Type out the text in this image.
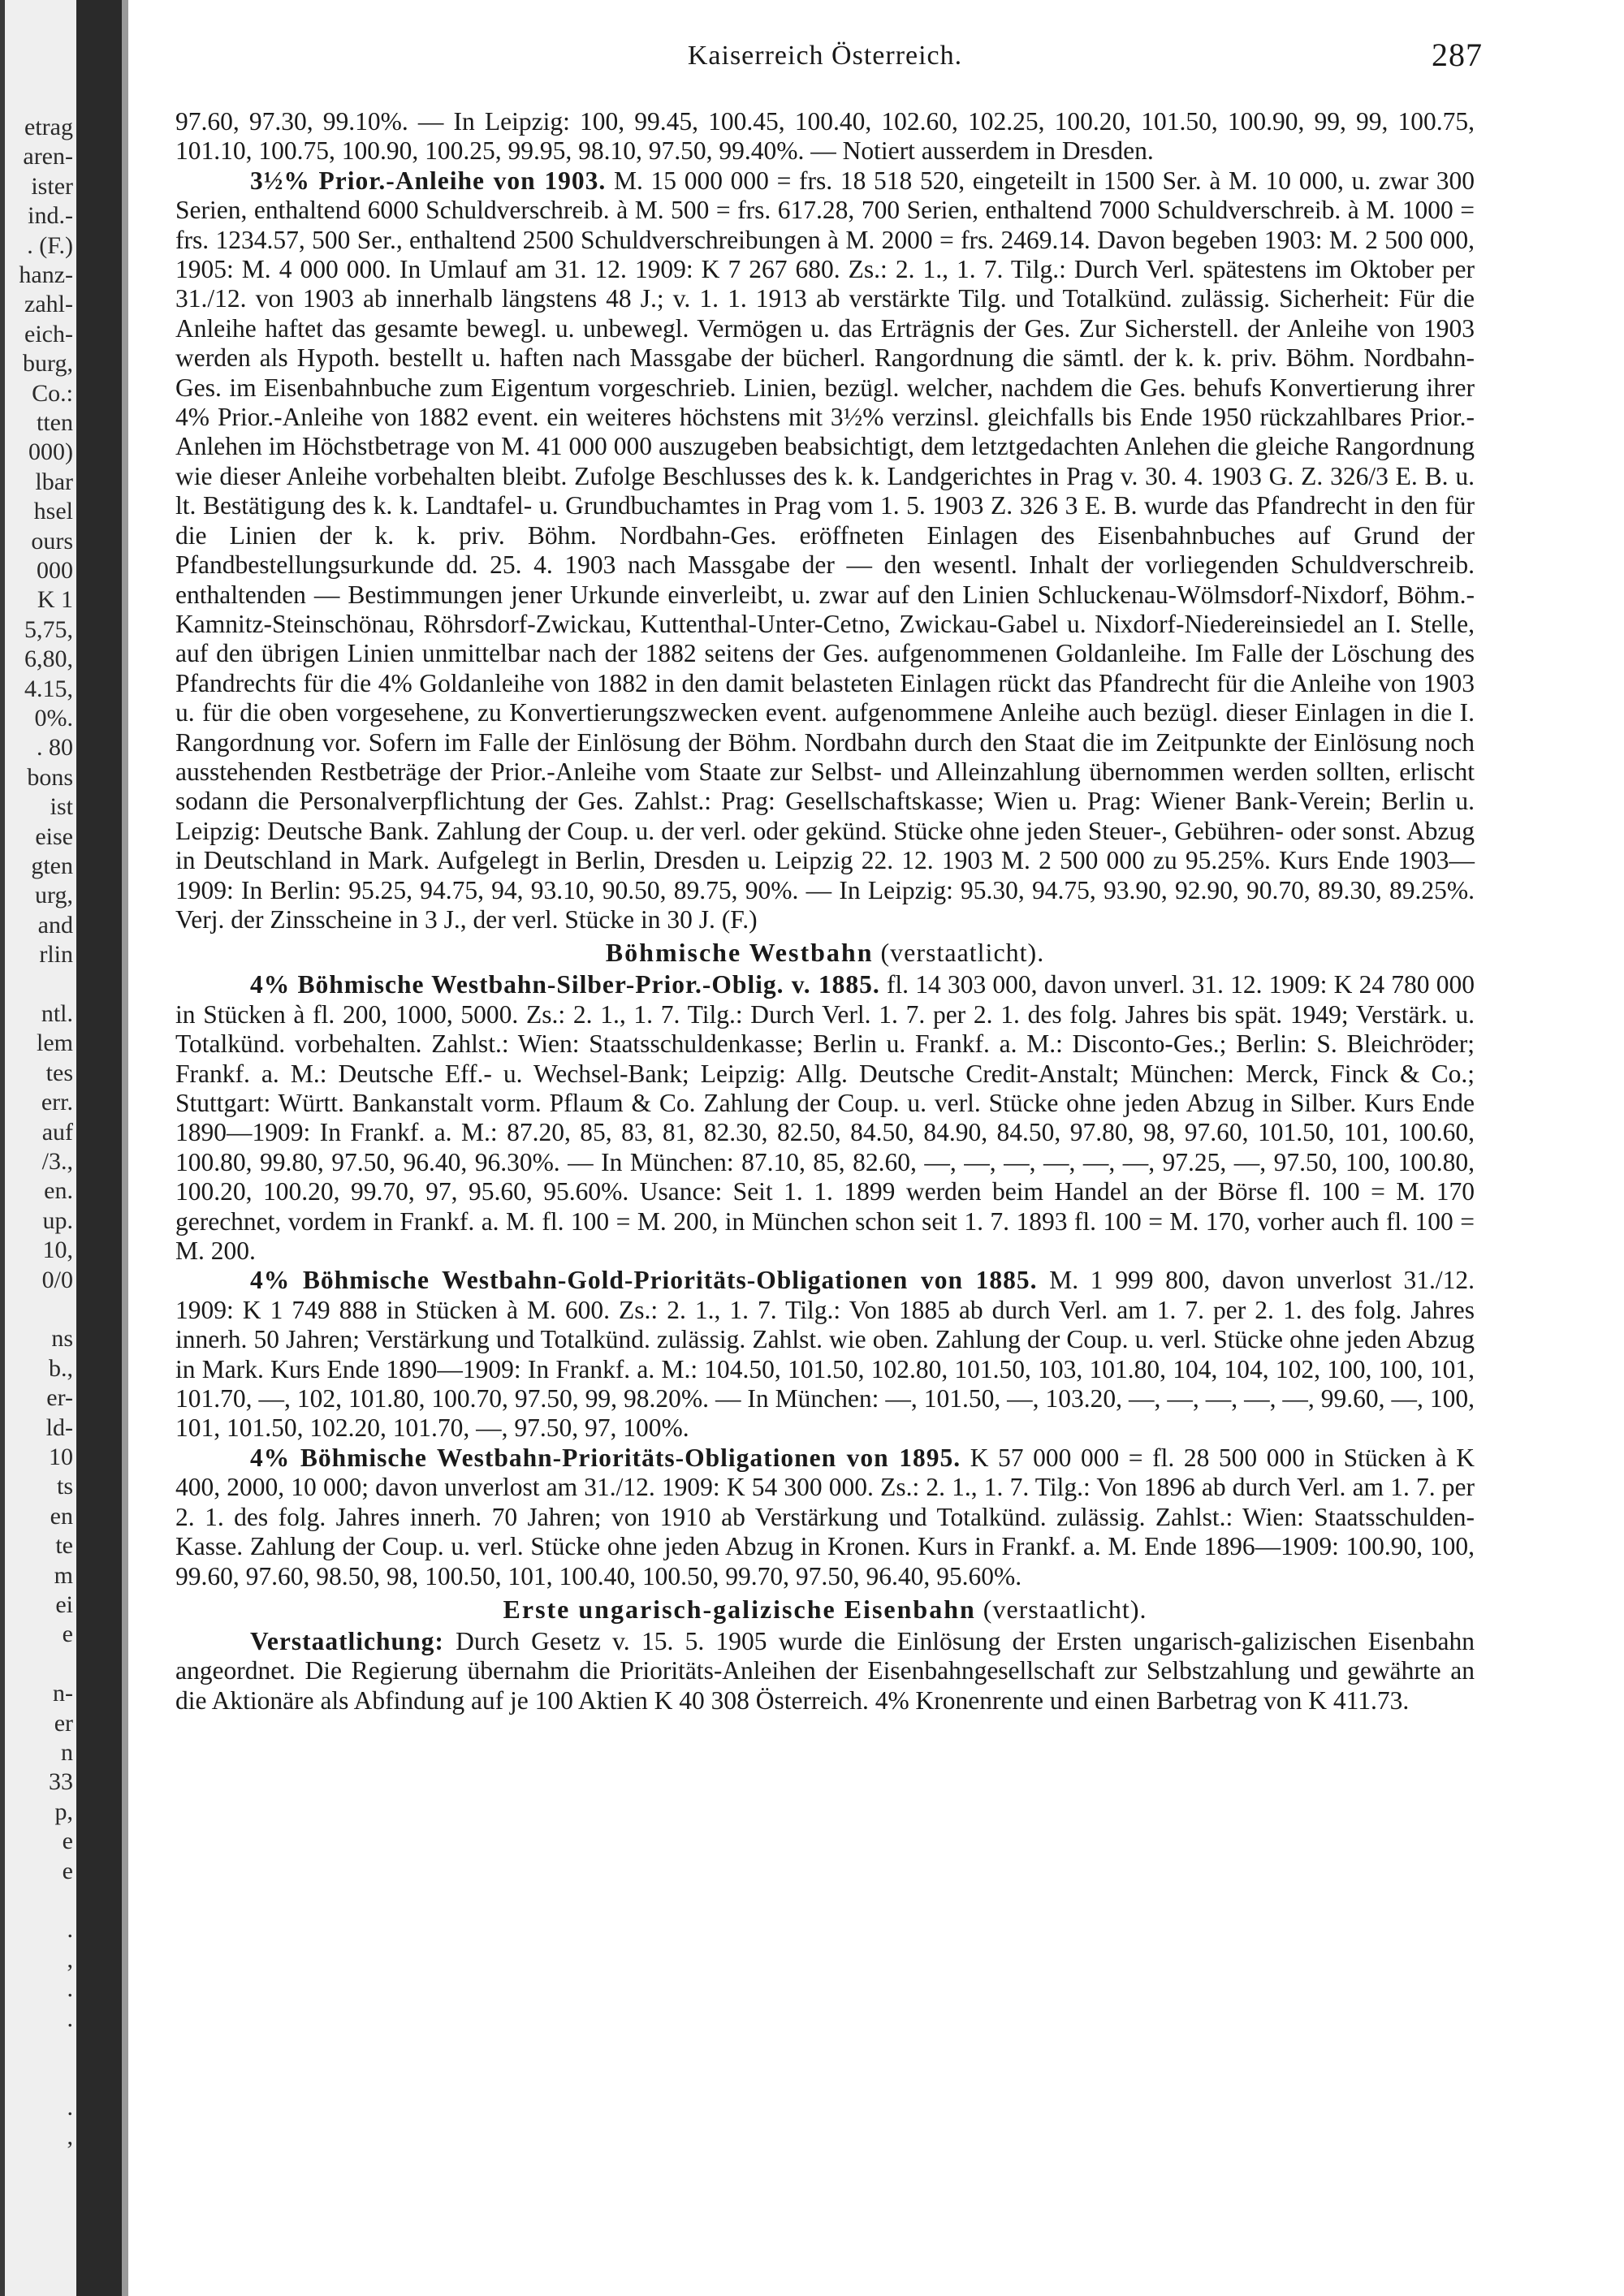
etrag
aren-
ister
ind.-
. (F.)
hanz-
zahl-
eich-
burg,
Co.:
tten
000)
lbar
hsel
ours
000
K 1
5,75,
6,80,
4.15,
0%.
. 80
bons
ist
eise
gten
urg,
and
rlin
ntl.
lem
tes
err.
auf
/3.,
en.
up.
10,
0/0
ns
b.,
er-
ld-
10
ts
en
te
m
ei
e
n-
er
n
33
p,
e
e
.
,
.
.
.
,
Kaiserreich Österreich.	287

97.60, 97.30, 99.10%. — In Leipzig: 100, 99.45, 100.45, 100.40, 102.60, 102.25, 100.20, 101.50, 100.90, 99, 99, 100.75, 101.10, 100.75, 100.90, 100.25, 99.95, 98.10, 97.50, 99.40%. — Notiert ausserdem in Dresden.

3½% Prior.-Anleihe von 1903. M. 15 000 000 = frs. 18 518 520, eingeteilt in 1500 Ser. à M. 10 000, u. zwar 300 Serien, enthaltend 6000 Schuldverschreib. à M. 500 = frs. 617.28, 700 Serien, enthaltend 7000 Schuldverschreib. à M. 1000 = frs. 1234.57, 500 Ser., enthaltend 2500 Schuldverschreibungen à M. 2000 = frs. 2469.14. Davon begeben 1903: M. 2 500 000, 1905: M. 4 000 000. In Umlauf am 31. 12. 1909: K 7 267 680. Zs.: 2. 1., 1. 7. Tilg.: Durch Verl. spätestens im Oktober per 31./12. von 1903 ab innerhalb längstens 48 J.; v. 1. 1. 1913 ab verstärkte Tilg. und Totalkünd. zulässig. Sicherheit: Für die Anleihe haftet das gesamte bewegl. u. unbewegl. Vermögen u. das Erträgnis der Ges. Zur Sicherstell. der Anleihe von 1903 werden als Hypoth. bestellt u. haften nach Massgabe der bücherl. Rangordnung die sämtl. der k. k. priv. Böhm. Nordbahn-Ges. im Eisenbahnbuche zum Eigentum vorgeschrieb. Linien, bezügl. welcher, nachdem die Ges. behufs Konvertierung ihrer 4% Prior.-Anleihe von 1882 event. ein weiteres höchstens mit 3½% verzinsl. gleichfalls bis Ende 1950 rückzahlbares Prior.-Anlehen im Höchstbetrage von M. 41 000 000 auszugeben beabsichtigt, dem letztgedachten Anlehen die gleiche Rangordnung wie dieser Anleihe vorbehalten bleibt. Zufolge Beschlusses des k. k. Landgerichtes in Prag v. 30. 4. 1903 G. Z. 326/3 E. B. u. lt. Bestätigung des k. k. Landtafel- u. Grundbuchamtes in Prag vom 1. 5. 1903 Z. 326 3 E. B. wurde das Pfandrecht in den für die Linien der k. k. priv. Böhm. Nordbahn-Ges. eröffneten Einlagen des Eisenbahnbuches auf Grund der Pfandbestellungsurkunde dd. 25. 4. 1903 nach Massgabe der — den wesentl. Inhalt der vorliegenden Schuldverschreib. enthaltenden — Bestimmungen jener Urkunde einverleibt, u. zwar auf den Linien Schluckenau-Wölmsdorf-Nixdorf, Böhm.-Kamnitz-Steinschönau, Röhrsdorf-Zwickau, Kuttenthal-Unter-Cetno, Zwickau-Gabel u. Nixdorf-Niedereinsiedel an I. Stelle, auf den übrigen Linien unmittelbar nach der 1882 seitens der Ges. aufgenommenen Goldanleihe. Im Falle der Löschung des Pfandrechts für die 4% Goldanleihe von 1882 in den damit belasteten Einlagen rückt das Pfandrecht für die Anleihe von 1903 u. für die oben vorgesehene, zu Konvertierungszwecken event. aufgenommene Anleihe auch bezügl. dieser Einlagen in die I. Rangordnung vor. Sofern im Falle der Einlösung der Böhm. Nordbahn durch den Staat die im Zeitpunkte der Einlösung noch ausstehenden Restbeträge der Prior.-Anleihe vom Staate zur Selbst- und Alleinzahlung übernommen werden sollten, erlischt sodann die Personalverpflichtung der Ges. Zahlst.: Prag: Gesellschaftskasse; Wien u. Prag: Wiener Bank-Verein; Berlin u. Leipzig: Deutsche Bank. Zahlung der Coup. u. der verl. oder gekünd. Stücke ohne jeden Steuer-, Gebühren- oder sonst. Abzug in Deutschland in Mark. Aufgelegt in Berlin, Dresden u. Leipzig 22. 12. 1903 M. 2 500 000 zu 95.25%. Kurs Ende 1903—1909: In Berlin: 95.25, 94.75, 94, 93.10, 90.50, 89.75, 90%. — In Leipzig: 95.30, 94.75, 93.90, 92.90, 90.70, 89.30, 89.25%. Verj. der Zinsscheine in 3 J., der verl. Stücke in 30 J. (F.)

Böhmische Westbahn (verstaatlicht).

4% Böhmische Westbahn-Silber-Prior.-Oblig. v. 1885. fl. 14 303 000, davon unverl. 31. 12. 1909: K 24 780 000 in Stücken à fl. 200, 1000, 5000. Zs.: 2. 1., 1. 7. Tilg.: Durch Verl. 1. 7. per 2. 1. des folg. Jahres bis spät. 1949; Verstärk. u. Totalkünd. vorbehalten. Zahlst.: Wien: Staatsschuldenkasse; Berlin u. Frankf. a. M.: Disconto-Ges.; Berlin: S. Bleichröder; Frankf. a. M.: Deutsche Eff.- u. Wechsel-Bank; Leipzig: Allg. Deutsche Credit-Anstalt; München: Merck, Finck & Co.; Stuttgart: Württ. Bankanstalt vorm. Pflaum & Co. Zahlung der Coup. u. verl. Stücke ohne jeden Abzug in Silber. Kurs Ende 1890—1909: In Frankf. a. M.: 87.20, 85, 83, 81, 82.30, 82.50, 84.50, 84.90, 84.50, 97.80, 98, 97.60, 101.50, 101, 100.60, 100.80, 99.80, 97.50, 96.40, 96.30%. — In München: 87.10, 85, 82.60, —, —, —, —, —, —, 97.25, —, 97.50, 100, 100.80, 100.20, 100.20, 99.70, 97, 95.60, 95.60%. Usance: Seit 1. 1. 1899 werden beim Handel an der Börse fl. 100 = M. 170 gerechnet, vordem in Frankf. a. M. fl. 100 = M. 200, in München schon seit 1. 7. 1893 fl. 100 = M. 170, vorher auch fl. 100 = M. 200.

4% Böhmische Westbahn-Gold-Prioritäts-Obligationen von 1885. M. 1 999 800, davon unverlost 31./12. 1909: K 1 749 888 in Stücken à M. 600. Zs.: 2. 1., 1. 7. Tilg.: Von 1885 ab durch Verl. am 1. 7. per 2. 1. des folg. Jahres innerh. 50 Jahren; Verstärkung und Totalkünd. zulässig. Zahlst. wie oben. Zahlung der Coup. u. verl. Stücke ohne jeden Abzug in Mark. Kurs Ende 1890—1909: In Frankf. a. M.: 104.50, 101.50, 102.80, 101.50, 103, 101.80, 104, 104, 102, 100, 100, 101, 101.70, —, 102, 101.80, 100.70, 97.50, 99, 98.20%. — In München: —, 101.50, —, 103.20, —, —, —, —, —, 99.60, —, 100, 101, 101.50, 102.20, 101.70, —, 97.50, 97, 100%.

4% Böhmische Westbahn-Prioritäts-Obligationen von 1895. K 57 000 000 = fl. 28 500 000 in Stücken à K 400, 2000, 10 000; davon unverlost am 31./12. 1909: K 54 300 000. Zs.: 2. 1., 1. 7. Tilg.: Von 1896 ab durch Verl. am 1. 7. per 2. 1. des folg. Jahres innerh. 70 Jahren; von 1910 ab Verstärkung und Totalkünd. zulässig. Zahlst.: Wien: Staatsschulden-Kasse. Zahlung der Coup. u. verl. Stücke ohne jeden Abzug in Kronen. Kurs in Frankf. a. M. Ende 1896—1909: 100.90, 100, 99.60, 97.60, 98.50, 98, 100.50, 101, 100.40, 100.50, 99.70, 97.50, 96.40, 95.60%.

Erste ungarisch-galizische Eisenbahn (verstaatlicht).

Verstaatlichung: Durch Gesetz v. 15. 5. 1905 wurde die Einlösung der Ersten ungarisch-galizischen Eisenbahn angeordnet. Die Regierung übernahm die Prioritäts-Anleihen der Eisenbahngesellschaft zur Selbstzahlung und gewährte an die Aktionäre als Abfindung auf je 100 Aktien K 40 308 Österreich. 4% Kronenrente und einen Barbetrag von K 411.73.
